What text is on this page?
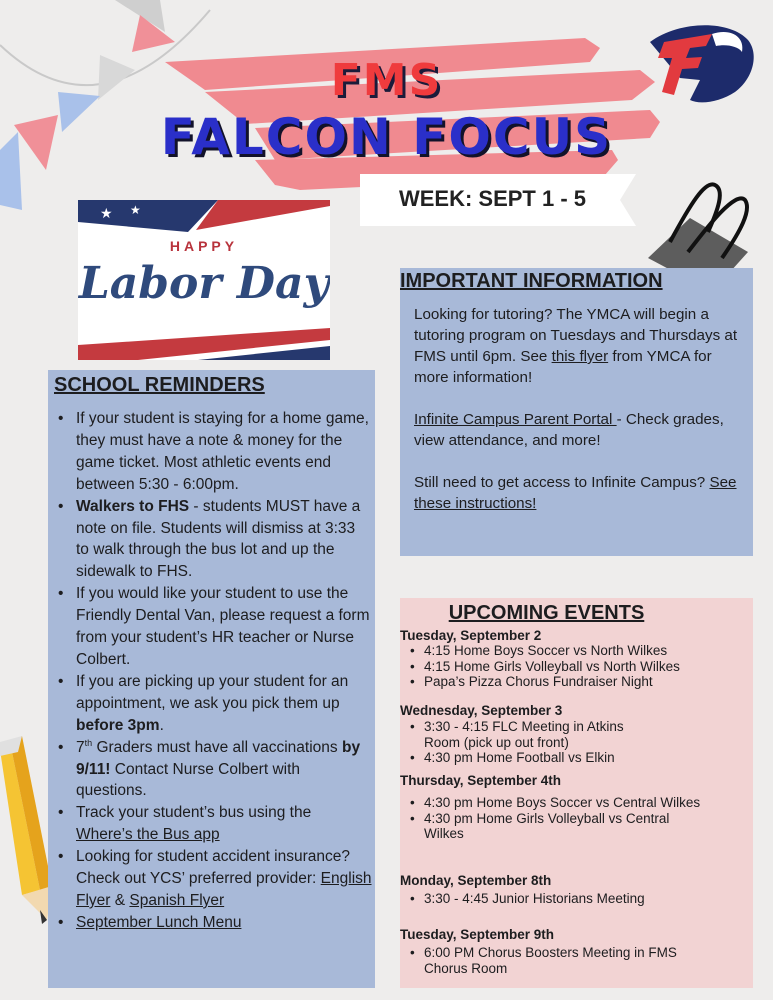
FMS
FALCON FOCUS
WEEK: SEPT 1 - 5
★ ★
HAPPY
Labor Day	IMPORTANT INFORMATION

Looking for tutoring? The YMCA will begin a tutoring program on Tuesdays and Thursdays at FMS until 6pm. See this flyer from YMCA for more information!

Infinite Campus Parent Portal - Check grades, view attendance, and more!

Still need to get access to Infinite Campus? See these instructions!

SCHOOL REMINDERS
• If your student is staying for a home game, they must have a note & money for the game ticket. Most athletic events end between 5:30 - 6:00pm.
• Walkers to FHS - students MUST have a note on file. Students will dismiss at 3:33 to walk through the bus lot and up the sidewalk to FHS.
• If you would like your student to use the Friendly Dental Van, please request a form from your student’s HR teacher or Nurse Colbert.
• If you are picking up your student for an appointment, we ask you pick them up before 3pm.
• 7th Graders must have all vaccinations by 9/11! Contact Nurse Colbert with questions.
• Track your student’s bus using the Where’s the Bus app
• Looking for student accident insurance? Check out YCS’ preferred provider: English Flyer & Spanish Flyer
• September Lunch Menu
UPCOMING EVENTS
Tuesday, September 2
• 4:15 Home Boys Soccer vs North Wilkes
• 4:15 Home Girls Volleyball vs North Wilkes
• Papa’s Pizza Chorus Fundraiser Night
Wednesday, September 3
• 3:30 - 4:15 FLC Meeting in Atkins Room (pick up out front)
• 4:30 pm Home Football vs Elkin
Thursday, September 4th
• 4:30 pm Home Boys Soccer vs Central Wilkes
• 4:30 pm Home Girls Volleyball vs Central Wilkes
Monday, September 8th
• 3:30 - 4:45 Junior Historians Meeting
Tuesday, September 9th
• 6:00 PM Chorus Boosters Meeting in FMS Chorus Room
